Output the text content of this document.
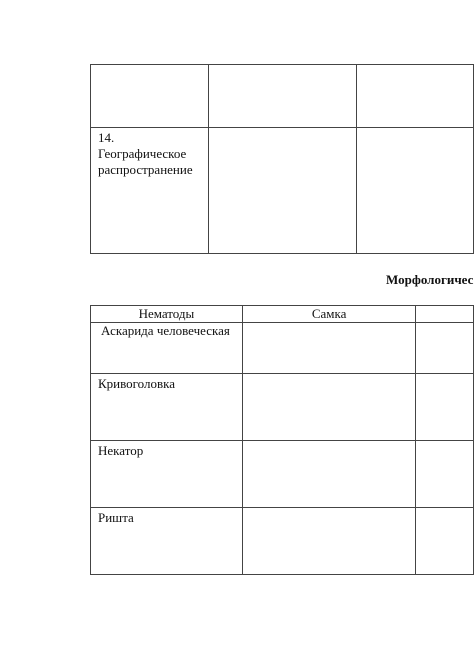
14.
Географическое
распространение		

Морфологичес
Нематоды	Самка	
Аскарида человеческая		
Кривоголовка		
Некатор		
Ришта		
